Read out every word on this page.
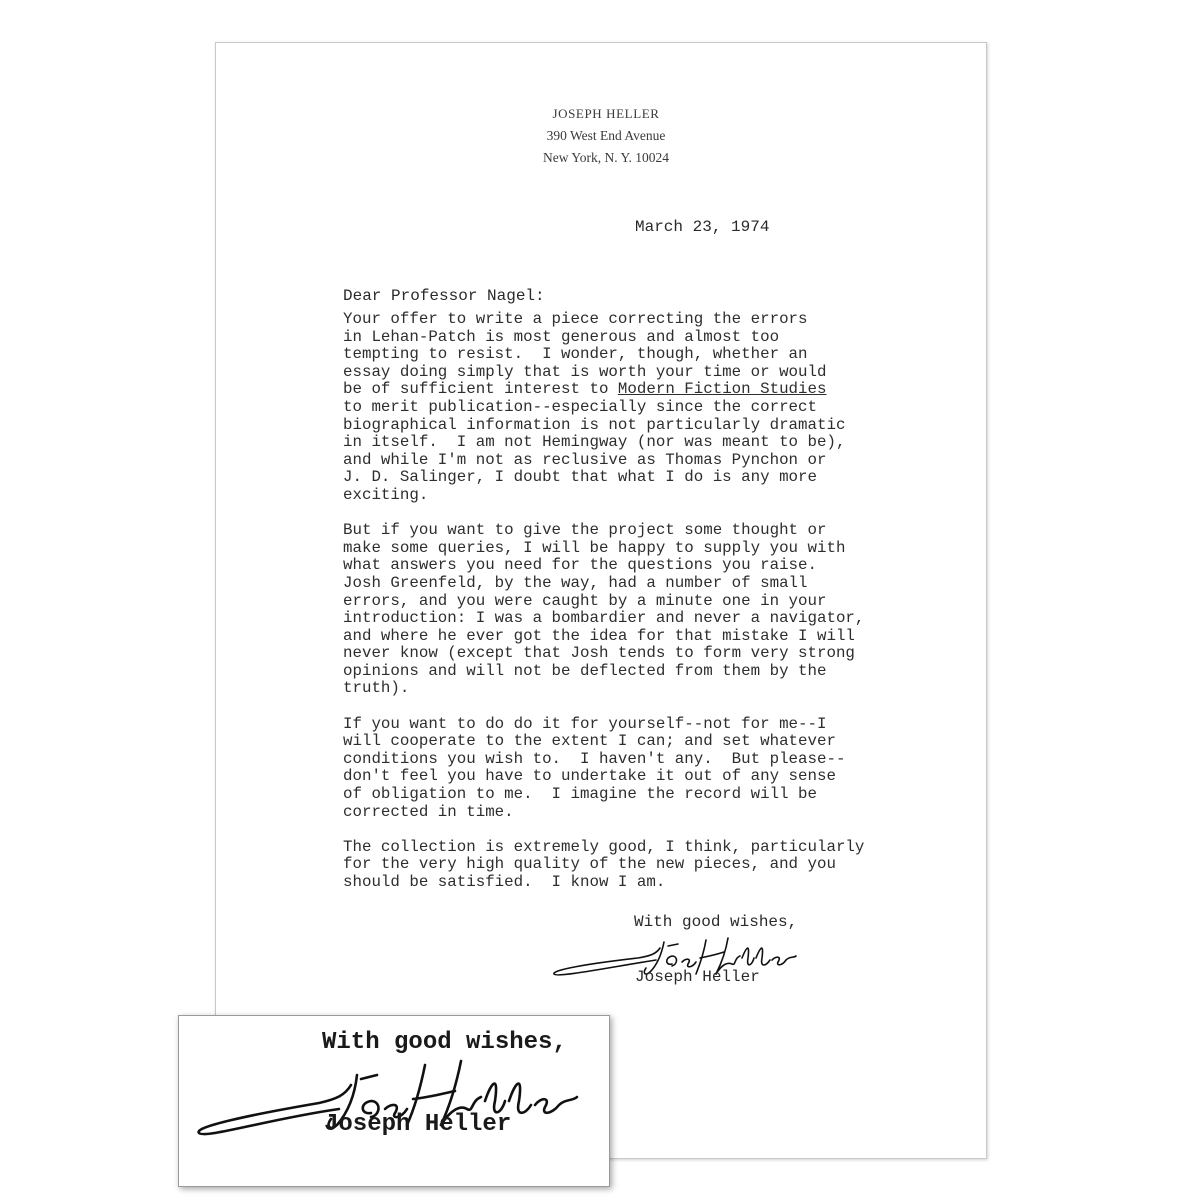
JOSEPH HELLER
390 West End Avenue
New York, N. Y. 10024
March 23, 1974
Dear Professor Nagel:
Your offer to write a piece correcting the errors
in Lehan-Patch is most generous and almost too
tempting to resist.  I wonder, though, whether an
essay doing simply that is worth your time or would
be of sufficient interest to Modern Fiction Studies
to merit publication--especially since the correct
biographical information is not particularly dramatic
in itself.  I am not Hemingway (nor was meant to be),
and while I'm not as reclusive as Thomas Pynchon or
J. D. Salinger, I doubt that what I do is any more
exciting.
But if you want to give the project some thought or
make some queries, I will be happy to supply you with
what answers you need for the questions you raise.
Josh Greenfeld, by the way, had a number of small
errors, and you were caught by a minute one in your
introduction: I was a bombardier and never a navigator,
and where he ever got the idea for that mistake I will
never know (except that Josh tends to form very strong
opinions and will not be deflected from them by the
truth).
If you want to do do it for yourself--not for me--I
will cooperate to the extent I can; and set whatever
conditions you wish to.  I haven't any.  But please--
don't feel you have to undertake it out of any sense
of obligation to me.  I imagine the record will be
corrected in time.
The collection is extremely good, I think, particularly
for the very high quality of the new pieces, and you
should be satisfied.  I know I am.
With good wishes,
Joseph Heller
With good wishes,
Joseph Heller
